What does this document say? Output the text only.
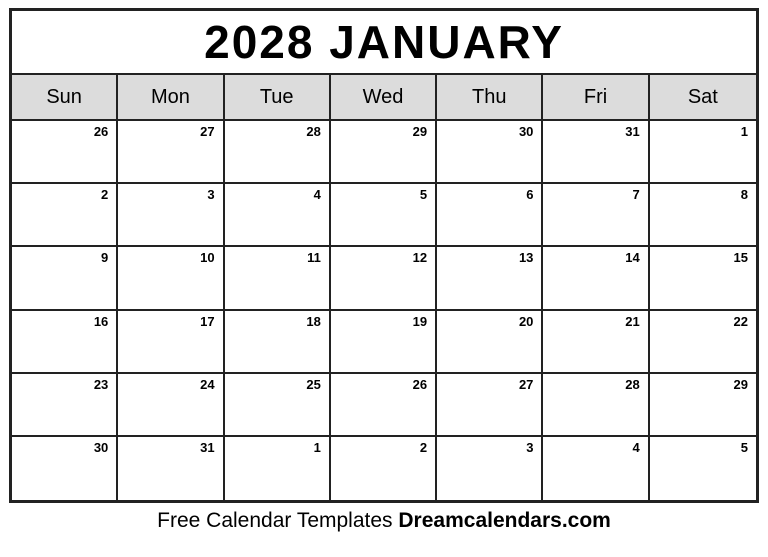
2028 JANUARY
Sun	Mon	Tue	Wed	Thu	Fri	Sat
26	27	28	29	30	31	1
2	3	4	5	6	7	8
9	10	11	12	13	14	15
16	17	18	19	20	21	22
23	24	25	26	27	28	29
30	31	1	2	3	4	5
Free Calendar Templates Dreamcalendars.com
